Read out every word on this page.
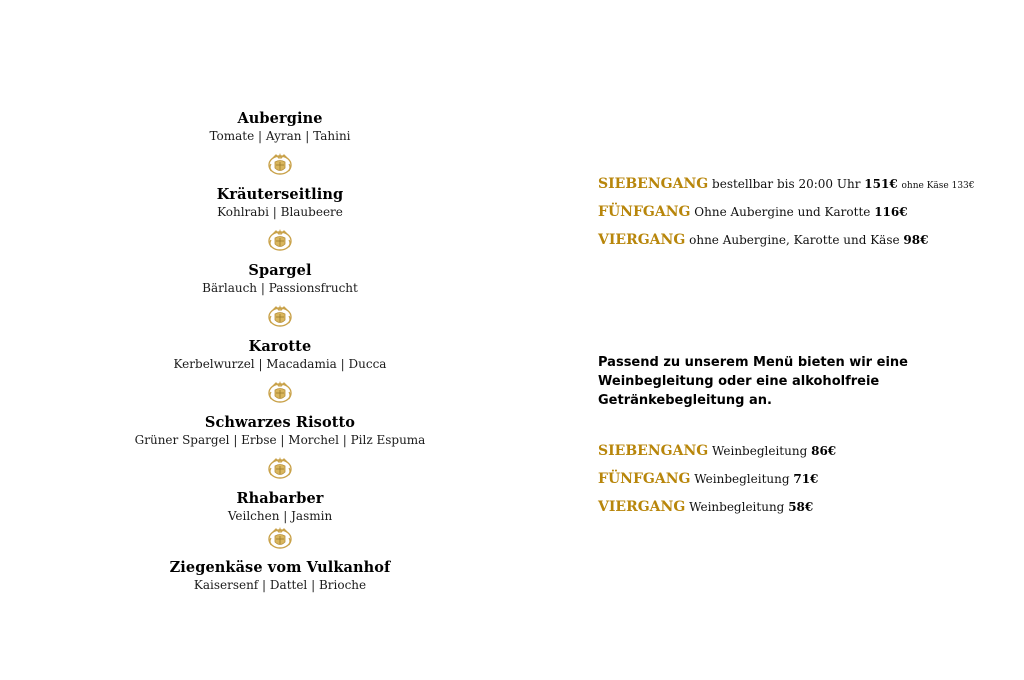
Aubergine
Tomate | Ayran | Tahini
Kräuterseitling
Kohlrabi | Blaubeere
Spargel
Bärlauch | Passionsfrucht
Karotte
Kerbelwurzel | Macadamia | Ducca
Schwarzes Risotto
Grüner Spargel | Erbse | Morchel | Pilz Espuma
Rhabarber
Veilchen | Jasmin
Ziegenkäse vom Vulkanhof
Kaisersenf | Dattel | Brioche
SIEBENGANG bestellbar bis 20:00 Uhr 151€ ohne Käse 133€
FÜNFGANG Ohne Aubergine und Karotte 116€
VIERGANG ohne Aubergine, Karotte und Käse 98€
Passend zu unserem Menü bieten wir eine
Weinbegleitung oder eine alkoholfreie
Getränkebegleitung an.
SIEBENGANG Weinbegleitung 86€
FÜNFGANG Weinbegleitung 71€
VIERGANG Weinbegleitung 58€
